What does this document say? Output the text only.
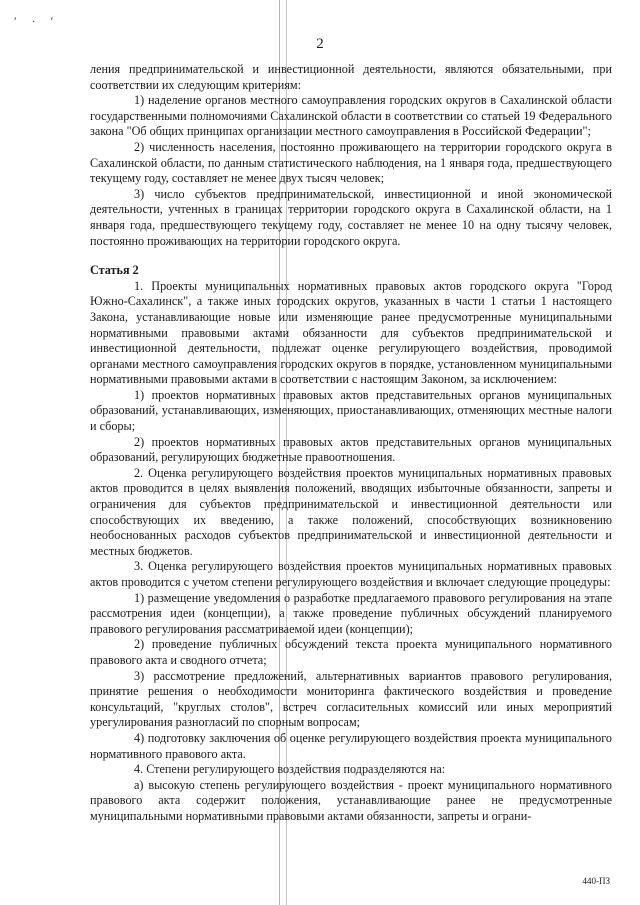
′ · ′
2

ления предпринимательской и инвестиционной деятельности, являются обязательными, при соответствии их следующим критериям:

1) наделение органов местного самоуправления городских округов в Сахалинской области государственными полномочиями Сахалинской области в соответствии со статьей 19 Федерального закона "Об общих принципах организации местного самоуправления в Российской Федерации";

2) численность населения, постоянно проживающего на территории городского округа в Сахалинской области, по данным статистического наблюдения, на 1 января года, предшествующего текущему году, составляет не менее двух тысяч человек;

3) число субъектов предпринимательской, инвестиционной и иной экономической деятельности, учтенных в границах территории городского округа в Сахалинской области, на 1 января года, предшествующего текущему году, составляет не менее 10 на одну тысячу человек, постоянно проживающих на территории городского округа.

Статья 2

1. Проекты муниципальных нормативных правовых актов городского округа "Город Южно-Сахалинск", а также иных городских округов, указанных в части 1 статьи 1 настоящего Закона, устанавливающие новые или изменяющие ранее предусмотренные муниципальными нормативными правовыми актами обязанности для субъектов предпринимательской и инвестиционной деятельности, подлежат оценке регулирующего воздействия, проводимой органами местного самоуправления городских округов в порядке, установленном муниципальными нормативными правовыми актами в соответствии с настоящим Законом, за исключением:

1) проектов нормативных правовых актов представительных органов муниципальных образований, устанавливающих, изменяющих, приостанавливающих, отменяющих местные налоги и сборы;

2) проектов нормативных правовых актов представительных органов муниципальных образований, регулирующих бюджетные правоотношения.

2. Оценка регулирующего воздействия проектов муниципальных нормативных правовых актов проводится в целях выявления положений, вводящих избыточные обязанности, запреты и ограничения для субъектов предпринимательской и инвестиционной деятельности или способствующих их введению, а также положений, способствующих возникновению необоснованных расходов субъектов предпринимательской и инвестиционной деятельности и местных бюджетов.

3. Оценка регулирующего воздействия проектов муниципальных нормативных правовых актов проводится с учетом степени регулирующего воздействия и включает следующие процедуры:

1) размещение уведомления о разработке предлагаемого правового регулирования на этапе рассмотрения идеи (концепции), а также проведение публичных обсуждений планируемого правового регулирования рассматриваемой идеи (концепции);

2) проведение публичных обсуждений текста проекта муниципального нормативного правового акта и сводного отчета;

3) рассмотрение предложений, альтернативных вариантов правового регулирования, принятие решения о необходимости мониторинга фактического воздействия и проведение консультаций, "круглых столов", встреч согласительных комиссий или иных мероприятий урегулирования разногласий по спорным вопросам;

4) подготовку заключения об оценке регулирующего воздействия проекта муниципального нормативного правового акта.

4. Степени регулирующего воздействия подразделяются на:

а) высокую степень регулирующего воздействия - проект муниципального нормативного правового акта содержит положения, устанавливающие ранее не предусмотренные муниципальными нормативными правовыми актами обязанности, запреты и ограни-

440-ПЗ
